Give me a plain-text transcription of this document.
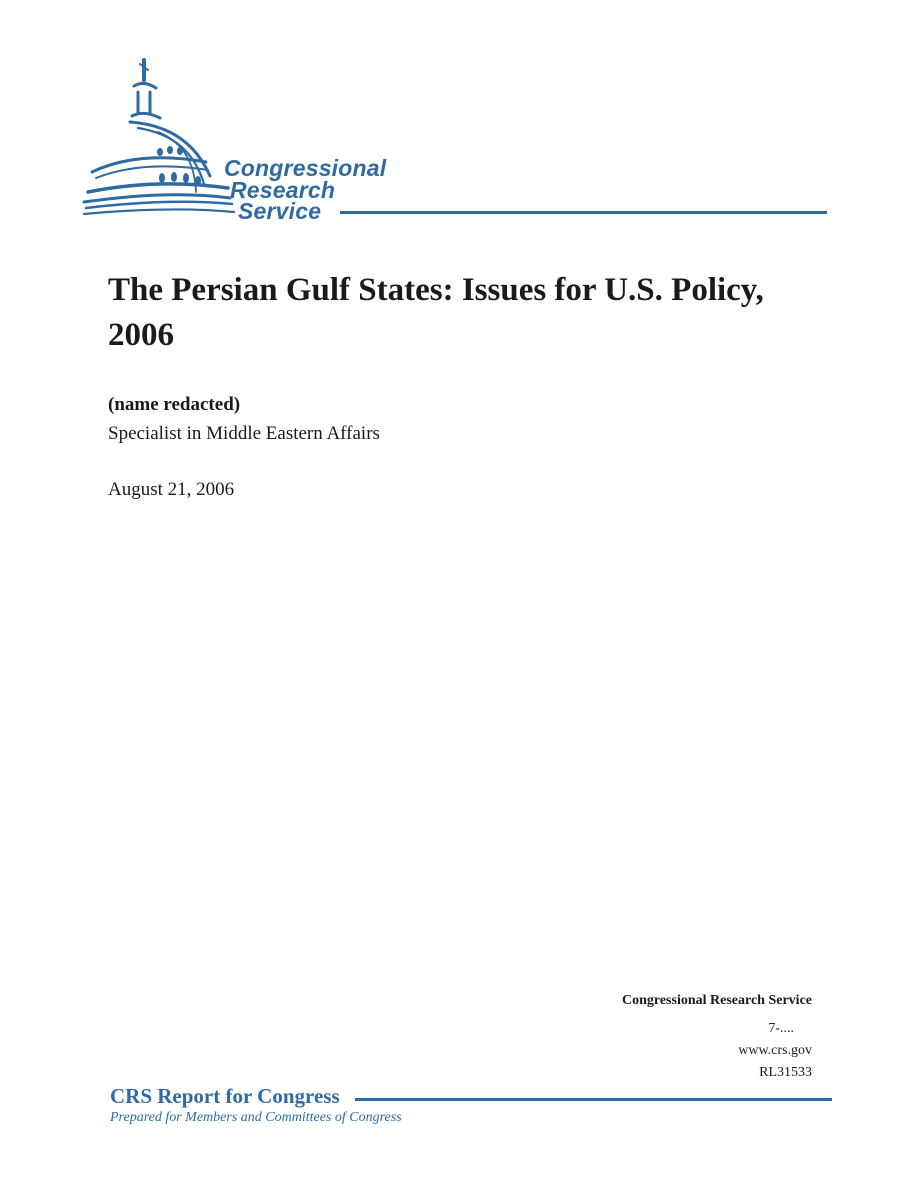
Congressional
Research
Service
The Persian Gulf States: Issues for U.S. Policy, 2006
(name redacted)
Specialist in Middle Eastern Affairs
August 21, 2006
Congressional Research Service
7-....
www.crs.gov
RL31533
CRS Report for Congress
Prepared for Members and Committees of Congress
